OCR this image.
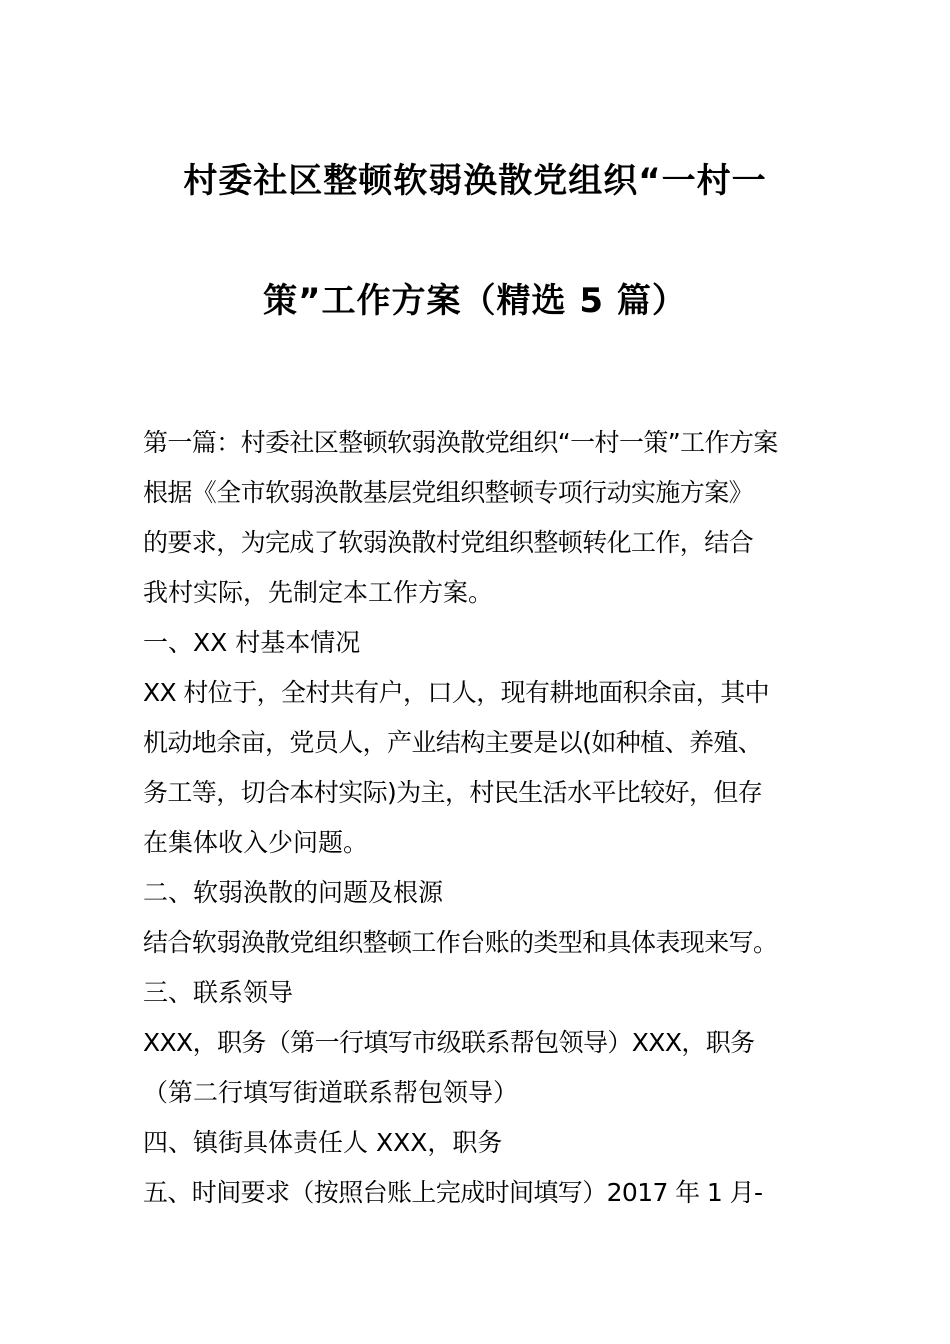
村委社区整顿软弱涣散党组织“一村一
策”工作方案（精选 5 篇）
第一篇：村委社区整顿软弱涣散党组织“一村一策”工作方案
根据《全市软弱涣散基层党组织整顿专项行动实施方案》
的要求，为完成了软弱涣散村党组织整顿转化工作，结合
我村实际，先制定本工作方案。
一、XX 村基本情况
XX 村位于，全村共有户，口人，现有耕地面积余亩，其中
机动地余亩，党员人，产业结构主要是以(如种植、养殖、
务工等，切合本村实际)为主，村民生活水平比较好，但存
在集体收入少问题。
二、软弱涣散的问题及根源
结合软弱涣散党组织整顿工作台账的类型和具体表现来写。
三、联系领导
XXX，职务（第一行填写市级联系帮包领导）XXX，职务
（第二行填写街道联系帮包领导）
四、镇街具体责任人 XXX，职务
五、时间要求（按照台账上完成时间填写）2017 年 1 月-
